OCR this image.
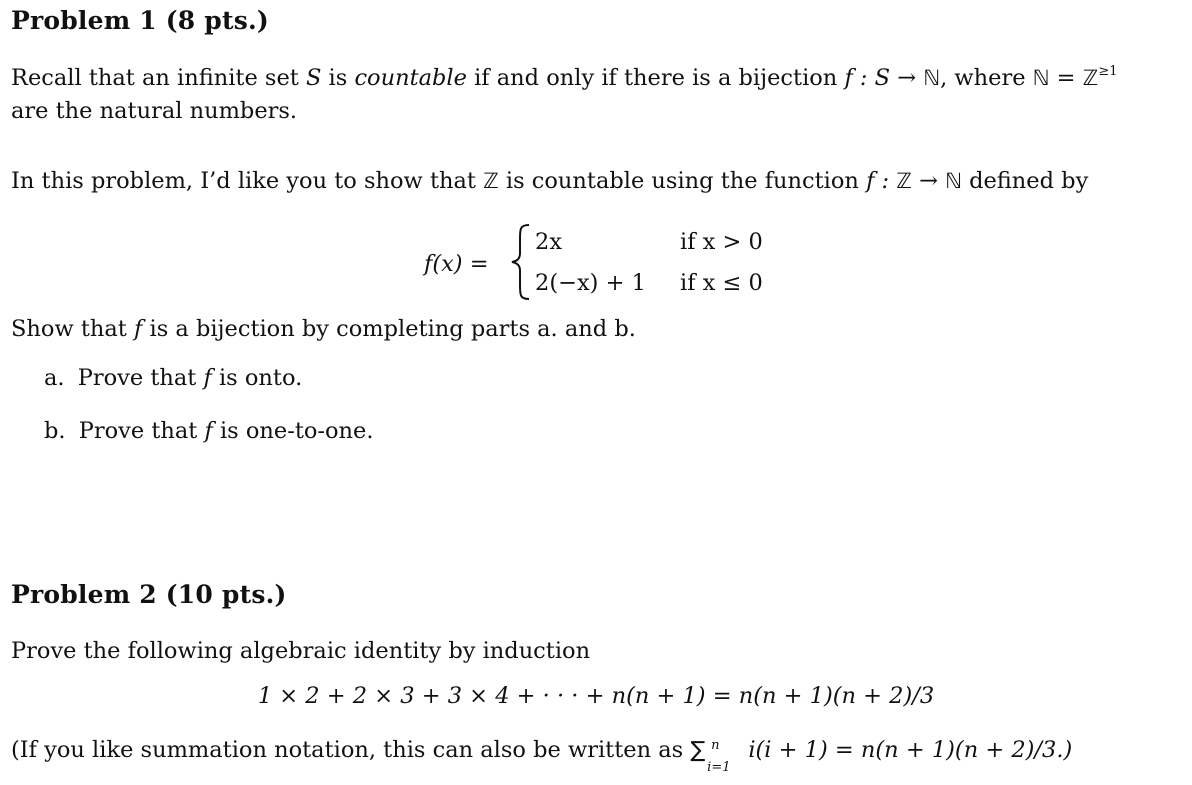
Problem 1 (8 pts.)
Recall that an infinite set S is countable if and only if there is a bijection f : S → ℕ, where ℕ = ℤ$^{\ge 1}$
are the natural numbers.
In this problem, I’d like you to show that ℤ is countable using the function f : ℤ → ℕ defined by
f(x) =
2x	if x > 0
2(−x) + 1 if x ≤ 0
Show that f is a bijection by completing parts a. and b.
a. Prove that f is onto.
b. Prove that f is one-to-one.
Problem 2 (10 pts.)
Prove the following algebraic identity by induction
1 × 2 + 2 × 3 + 3 × 4 + · · · + n(n + 1) = n(n + 1)(n + 2)/3
(If you like summation notation, this can also be written as ∑ n
i=1
i(i + 1) = n(n + 1)(n + 2)/3.)
